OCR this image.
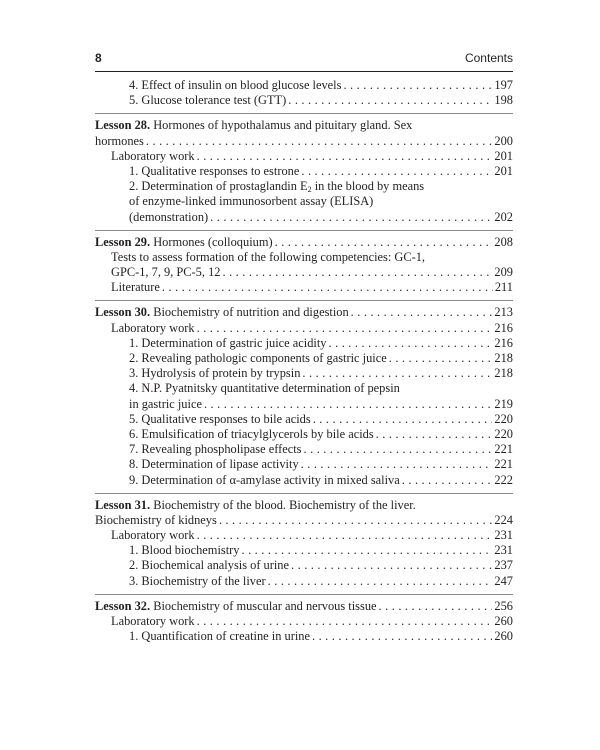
8	Contents
4. Effect of insulin on blood glucose levels . . .	197
5. Glucose tolerance test (GTT) . . .	198
Lesson 28. Hormones of hypothalamus and pituitary gland. Sex
hormones . . .	200
Laboratory work . . .	201
1. Qualitative responses to estrone . . .	201
2. Determination of prostaglandin $E_2$ in the blood by means
of enzyme-linked immunosorbent assay (ELISA)
(demonstration) . . .	202
Lesson 29. Hormones (colloquium) . . .	208
Tests to assess formation of the following competencies: GC-1,
GPC-1, 7, 9, PC-5, 12 . . .	209
Literature . . .	211
Lesson 30. Biochemistry of nutrition and digestion . . .	213
Laboratory work . . .	216
1. Determination of gastric juice acidity . . .	216
2. Revealing pathologic components of gastric juice . . .	218
3. Hydrolysis of protein by trypsin . . .	218
4. N.P. Pyatnitsky quantitative determination of pepsin
in gastric juice . . .	219
5. Qualitative responses to bile acids . . .	220
6. Emulsification of triacylglycerols by bile acids . . .	220
7. Revealing phospholipase effects . . .	221
8. Determination of lipase activity . . .	221
9. Determination of α-amylase activity in mixed saliva . . .	222
Lesson 31. Biochemistry of the blood. Biochemistry of the liver.
Biochemistry of kidneys . . .	224
Laboratory work . . .	231
1. Blood biochemistry . . .	231
2. Biochemical analysis of urine . . .	237
3. Biochemistry of the liver . . .	247
Lesson 32. Biochemistry of muscular and nervous tissue . . .	256
Laboratory work . . .	260
1. Quantification of creatine in urine . . .	260
